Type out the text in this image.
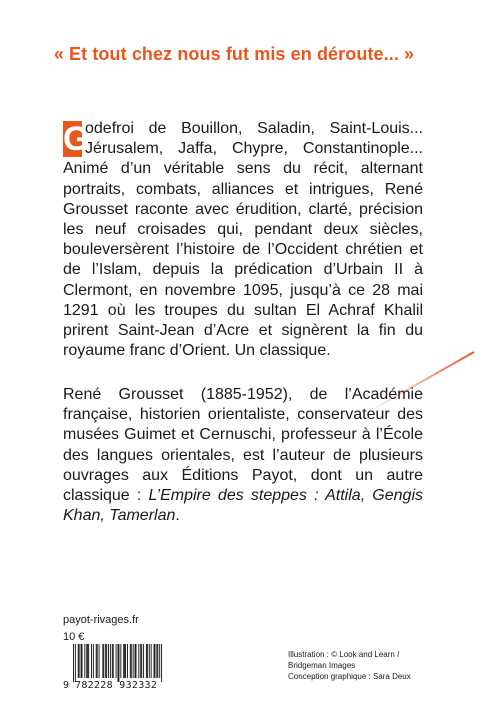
« Et tout chez nous fut mis en déroute... »

G
odefroi de Bouillon, Saladin, Saint-Louis... Jérusalem, Jaffa, Chypre, Constantinople... Animé d’un véritable sens du récit, alternant portraits, combats, alliances et intrigues, René Grousset raconte avec érudition, clarté, précision les neuf croisades qui, pendant deux siècles, bouleversèrent l’histoire de l’Occident chrétien et de l’Islam, depuis la prédication d’Urbain II à Clermont, en novembre 1095, jusqu’à ce 28 mai 1291 où les troupes du sultan El Achraf Khalil prirent Saint-Jean d’Acre et signèrent la fin du royaume franc d’Orient. Un classique.

René Grousset (1885-1952), de l’Académie française, historien orientaliste, conservateur des musées Guimet et Cernuschi, professeur à l’École des langues orientales, est l’auteur de plusieurs ouvrages aux Éditions Payot, dont un autre classique : L’Empire des steppes : Attila, Gengis Khan, Tamerlan.

payot-rivages.fr
10 €
9 782228 932332
Illustration : © Look and Learn /
Bridgeman Images
Conception graphique : Sara Deux
